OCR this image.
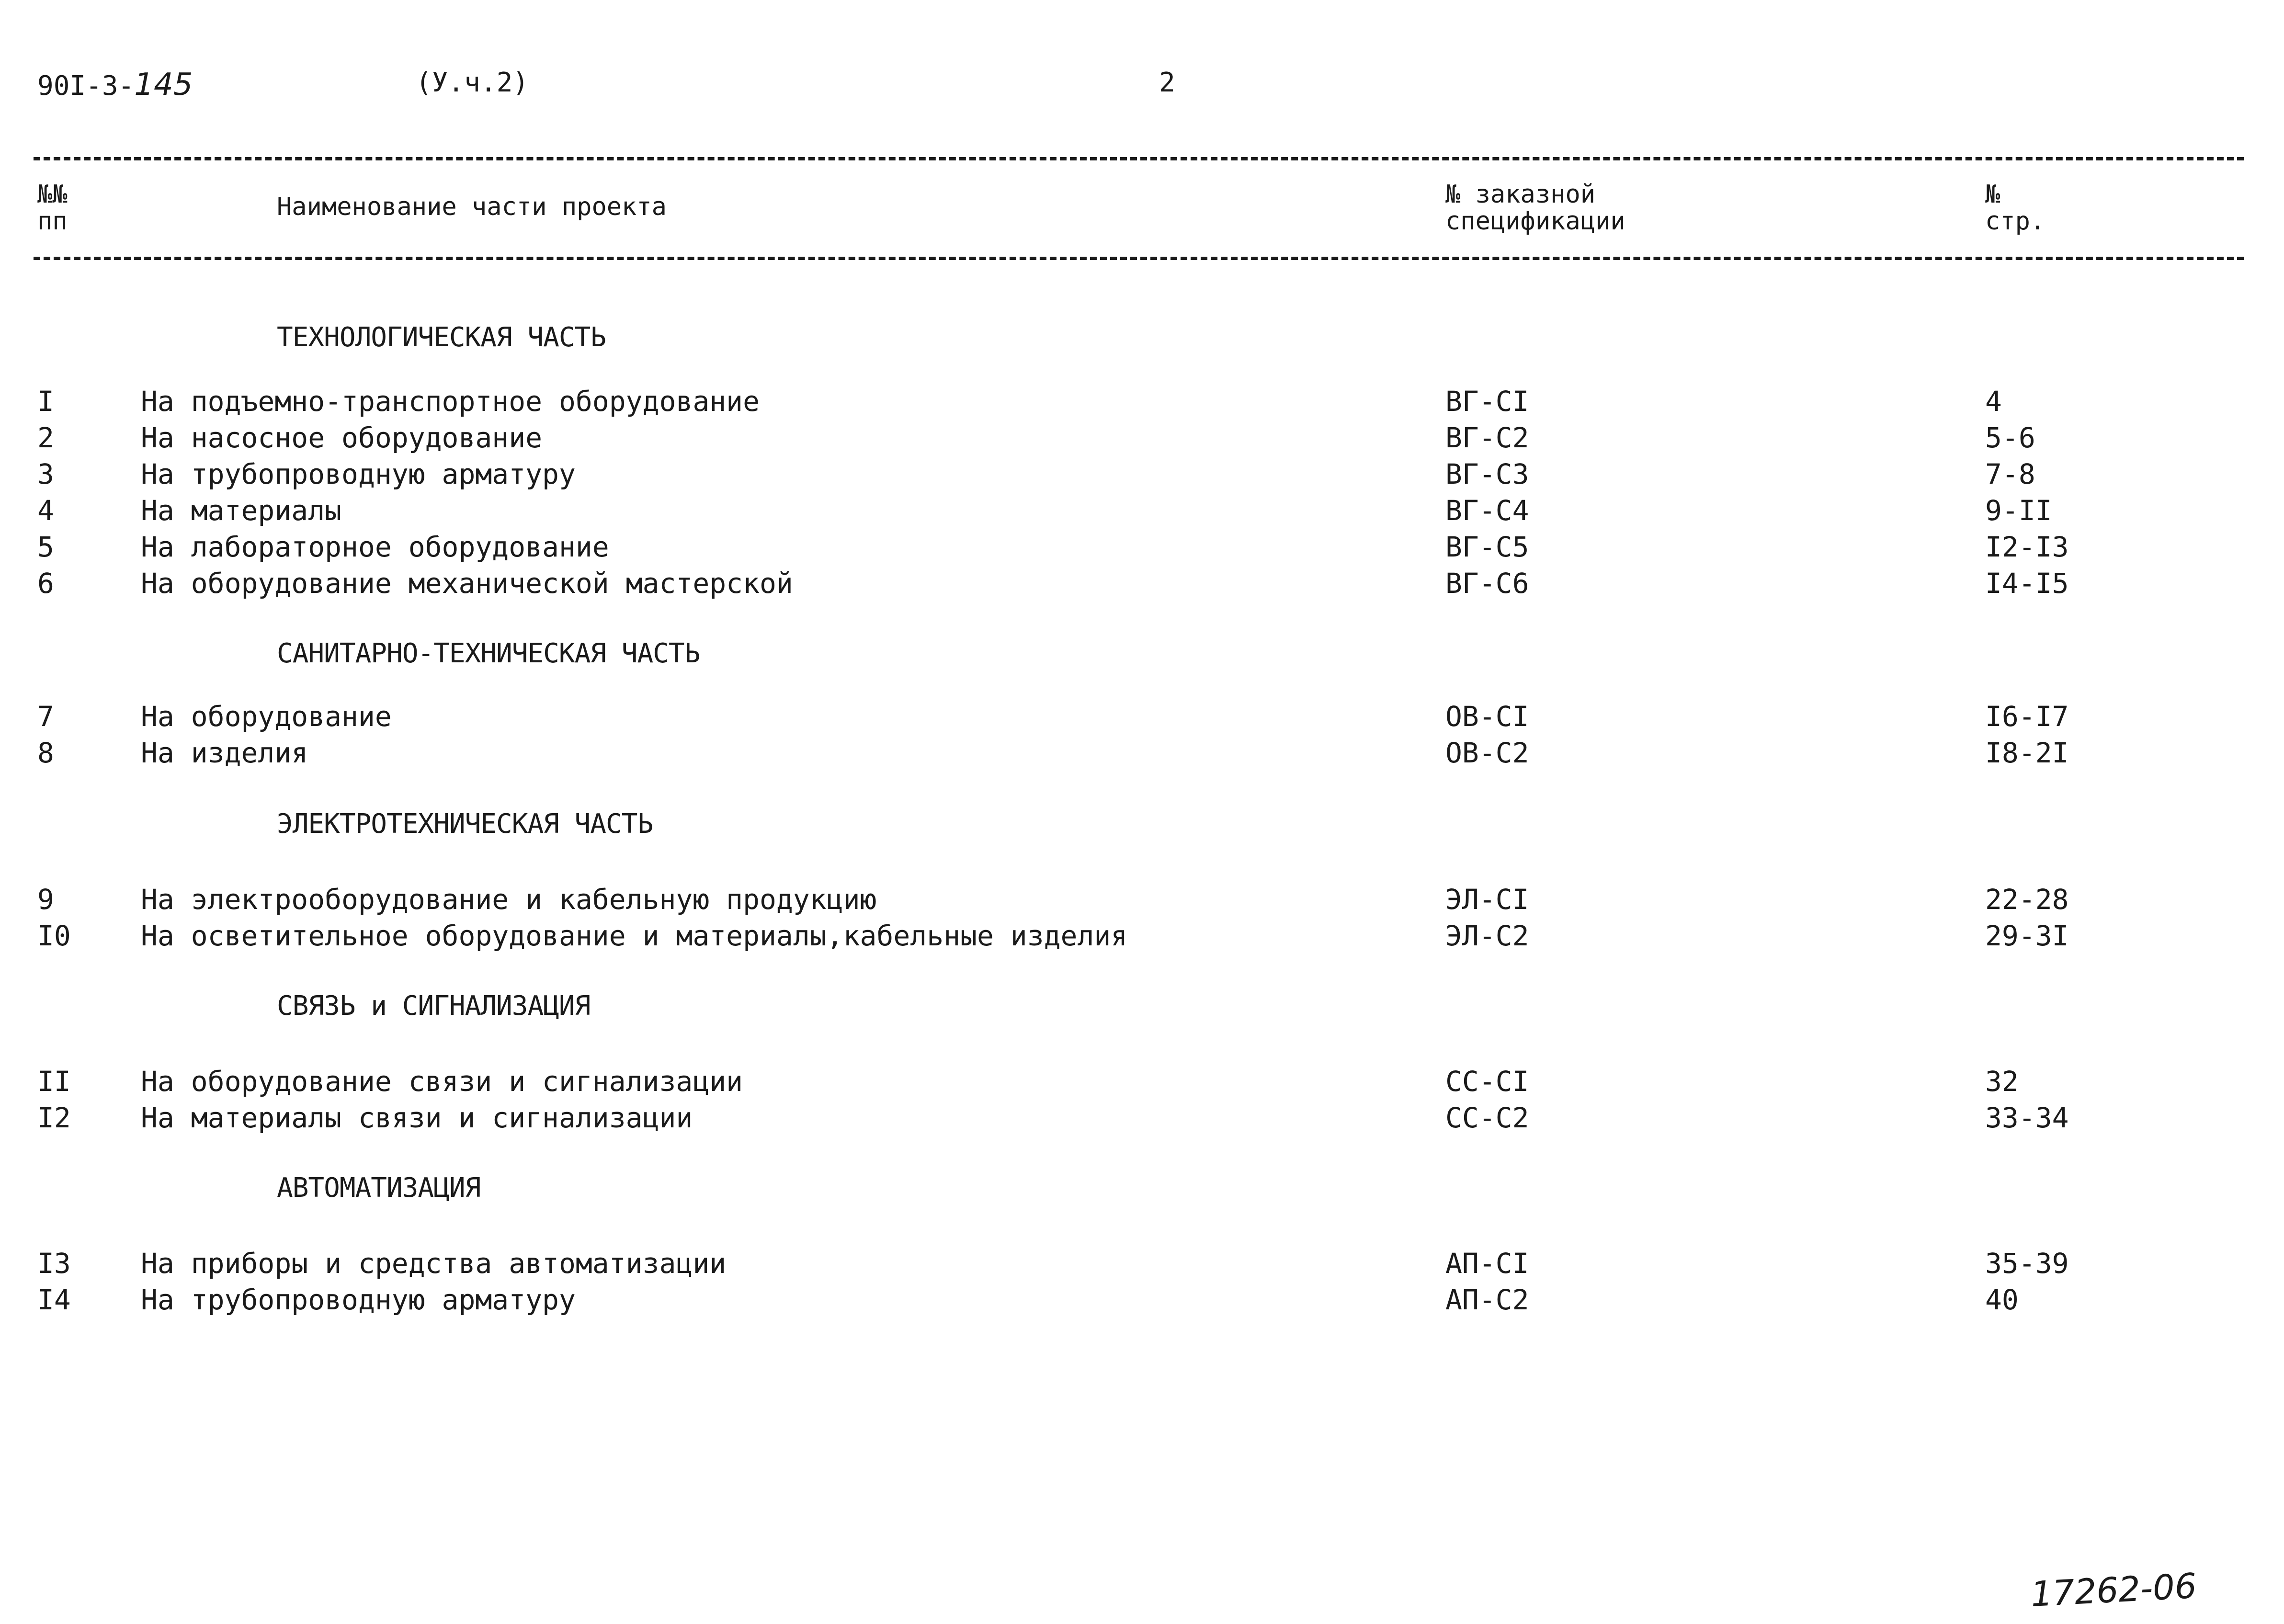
90I-3-145	(У.ч.2)	2
№№
пп	Наименование части проекта	№ заказной
спецификации
№
стр.
ТЕХНОЛОГИЧЕСКАЯ ЧАСТЬ
I	На подъемно-транспортное оборудование	ВГ-СI	4
2	На насосное оборудование	ВГ-С2	5-6
3	На трубопроводную арматуру	ВГ-С3	7-8
4	На материалы	ВГ-С4	9-II
5	На лабораторное оборудование	ВГ-С5	I2-I3
6	На оборудование механической мастерской	ВГ-С6	I4-I5
САНИТАРНО-ТЕХНИЧЕСКАЯ ЧАСТЬ
7	На оборудование	ОВ-СI	I6-I7
8	На изделия	ОВ-С2	I8-2I
ЭЛЕКТРОТЕХНИЧЕСКАЯ ЧАСТЬ
9	На электрооборудование и кабельную продукцию	ЭЛ-СI	22-28
I0	На осветительное оборудование и материалы,кабельные изделия	ЭЛ-С2	29-3I
СВЯЗЬ и СИГНАЛИЗАЦИЯ
II	На оборудование связи и сигнализации	СС-СI	32
I2	На материалы связи и сигнализации	СС-С2	33-34
АВТОМАТИЗАЦИЯ
I3	На приборы и средства автоматизации	АП-СI	35-39
I4	На трубопроводную арматуру	АП-С2	40
17262-06
